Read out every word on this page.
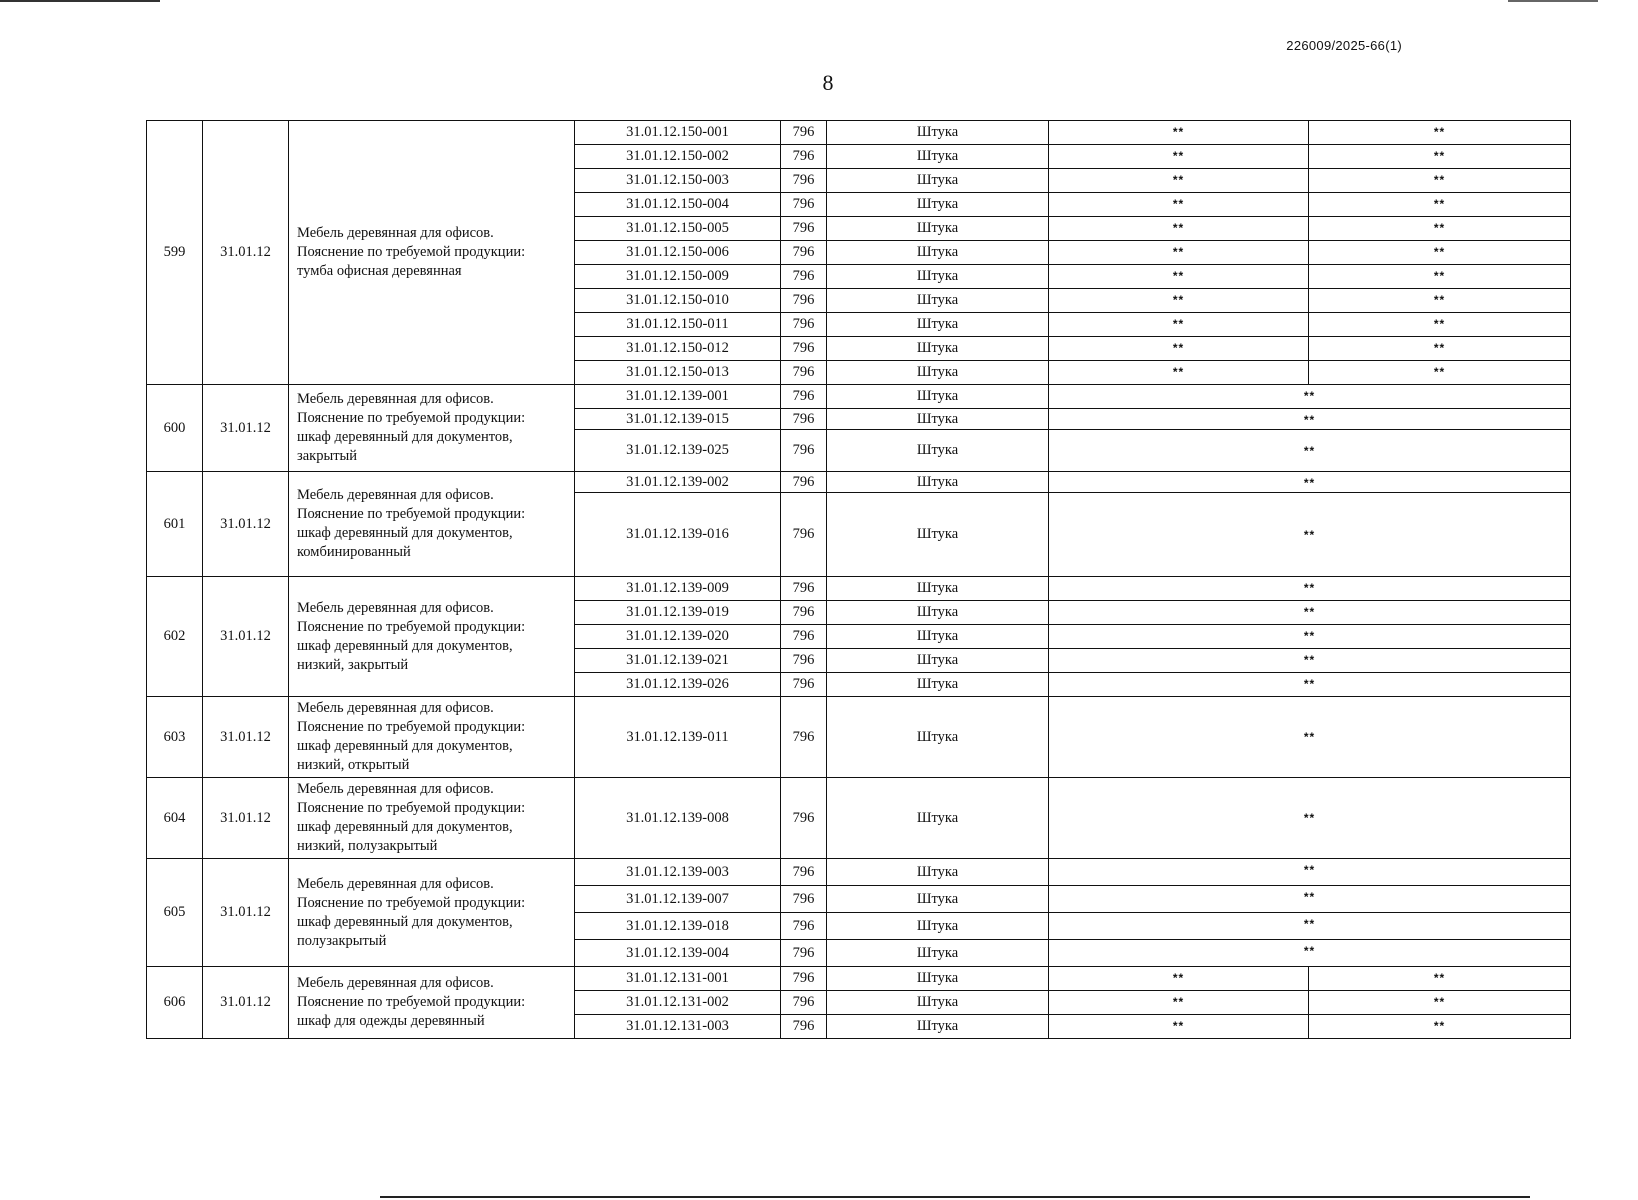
226009/2025-66(1)
8
599	31.01.12	Мебель деревянная для офисов.
Пояснение по требуемой продукции:
тумба офисная деревянная	31.01.12.150-001	796	Штука	**	**
			31.01.12.150-002	796	Штука	**	**
			31.01.12.150-003	796	Штука	**	**
			31.01.12.150-004	796	Штука	**	**
			31.01.12.150-005	796	Штука	**	**
			31.01.12.150-006	796	Штука	**	**
			31.01.12.150-009	796	Штука	**	**
			31.01.12.150-010	796	Штука	**	**
			31.01.12.150-011	796	Штука	**	**
			31.01.12.150-012	796	Штука	**	**
			31.01.12.150-013	796	Штука	**	**
600	31.01.12	Мебель деревянная для офисов.
Пояснение по требуемой продукции:
шкаф деревянный для документов,
закрытый	31.01.12.139-001	796	Штука	**	
			31.01.12.139-015	796	Штука	**	
			31.01.12.139-025	796	Штука	**	
601	31.01.12	Мебель деревянная для офисов.
Пояснение по требуемой продукции:
шкаф деревянный для документов,
комбинированный	31.01.12.139-002	796	Штука	**	
			31.01.12.139-016	796	Штука	**	
602	31.01.12	Мебель деревянная для офисов.
Пояснение по требуемой продукции:
шкаф деревянный для документов,
низкий, закрытый	31.01.12.139-009	796	Штука	**	
			31.01.12.139-019	796	Штука	**	
			31.01.12.139-020	796	Штука	**	
			31.01.12.139-021	796	Штука	**	
			31.01.12.139-026	796	Штука	**	
603	31.01.12	Мебель деревянная для офисов.
Пояснение по требуемой продукции:
шкаф деревянный для документов,
низкий, открытый	31.01.12.139-011	796	Штука	**	
604	31.01.12	Мебель деревянная для офисов.
Пояснение по требуемой продукции:
шкаф деревянный для документов,
низкий, полузакрытый	31.01.12.139-008	796	Штука	**	
605	31.01.12	Мебель деревянная для офисов.
Пояснение по требуемой продукции:
шкаф деревянный для документов,
полузакрытый	31.01.12.139-003	796	Штука	**	
			31.01.12.139-007	796	Штука	**	
			31.01.12.139-018	796	Штука	**	
			31.01.12.139-004	796	Штука	**	
606	31.01.12	Мебель деревянная для офисов.
Пояснение по требуемой продукции:
шкаф для одежды деревянный	31.01.12.131-001	796	Штука	**	**
			31.01.12.131-002	796	Штука	**	**
			31.01.12.131-003	796	Штука	**	**
